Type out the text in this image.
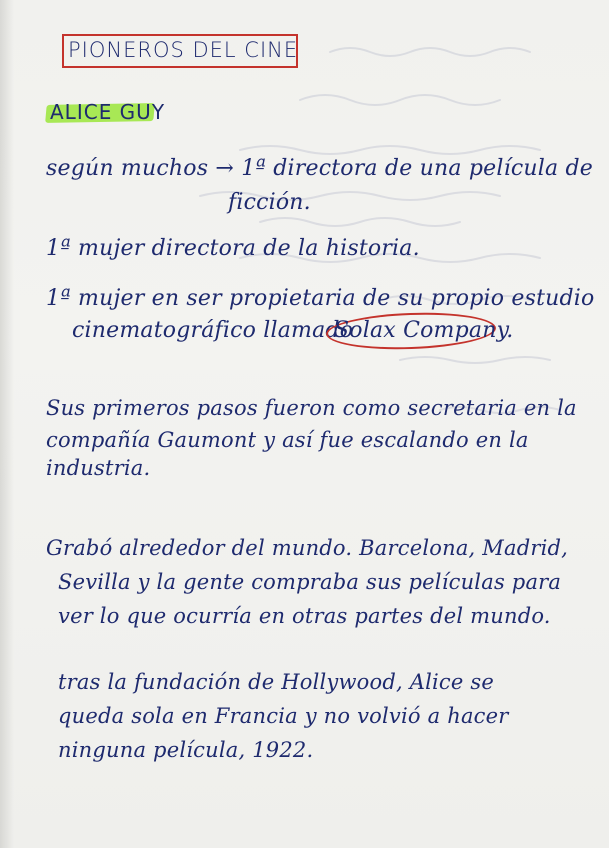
PIONEROS DEL CINE
ALICE GUY
según muchos → 1ª directora de una película de
ficción.
1ª mujer directora de la historia.
1ª mujer en ser propietaria de su propio estudio
cinematográfico llamado
Solax Company.
Sus primeros pasos fueron como secretaria en la
compañía Gaumont y así fue escalando en la
industria.
Grabó alrededor del mundo. Barcelona, Madrid,
Sevilla y la gente compraba sus películas para
ver lo que ocurría en otras partes del mundo.
tras la fundación de Hollywood, Alice se
queda sola en Francia y no volvió a hacer
ninguna película, 1922.
